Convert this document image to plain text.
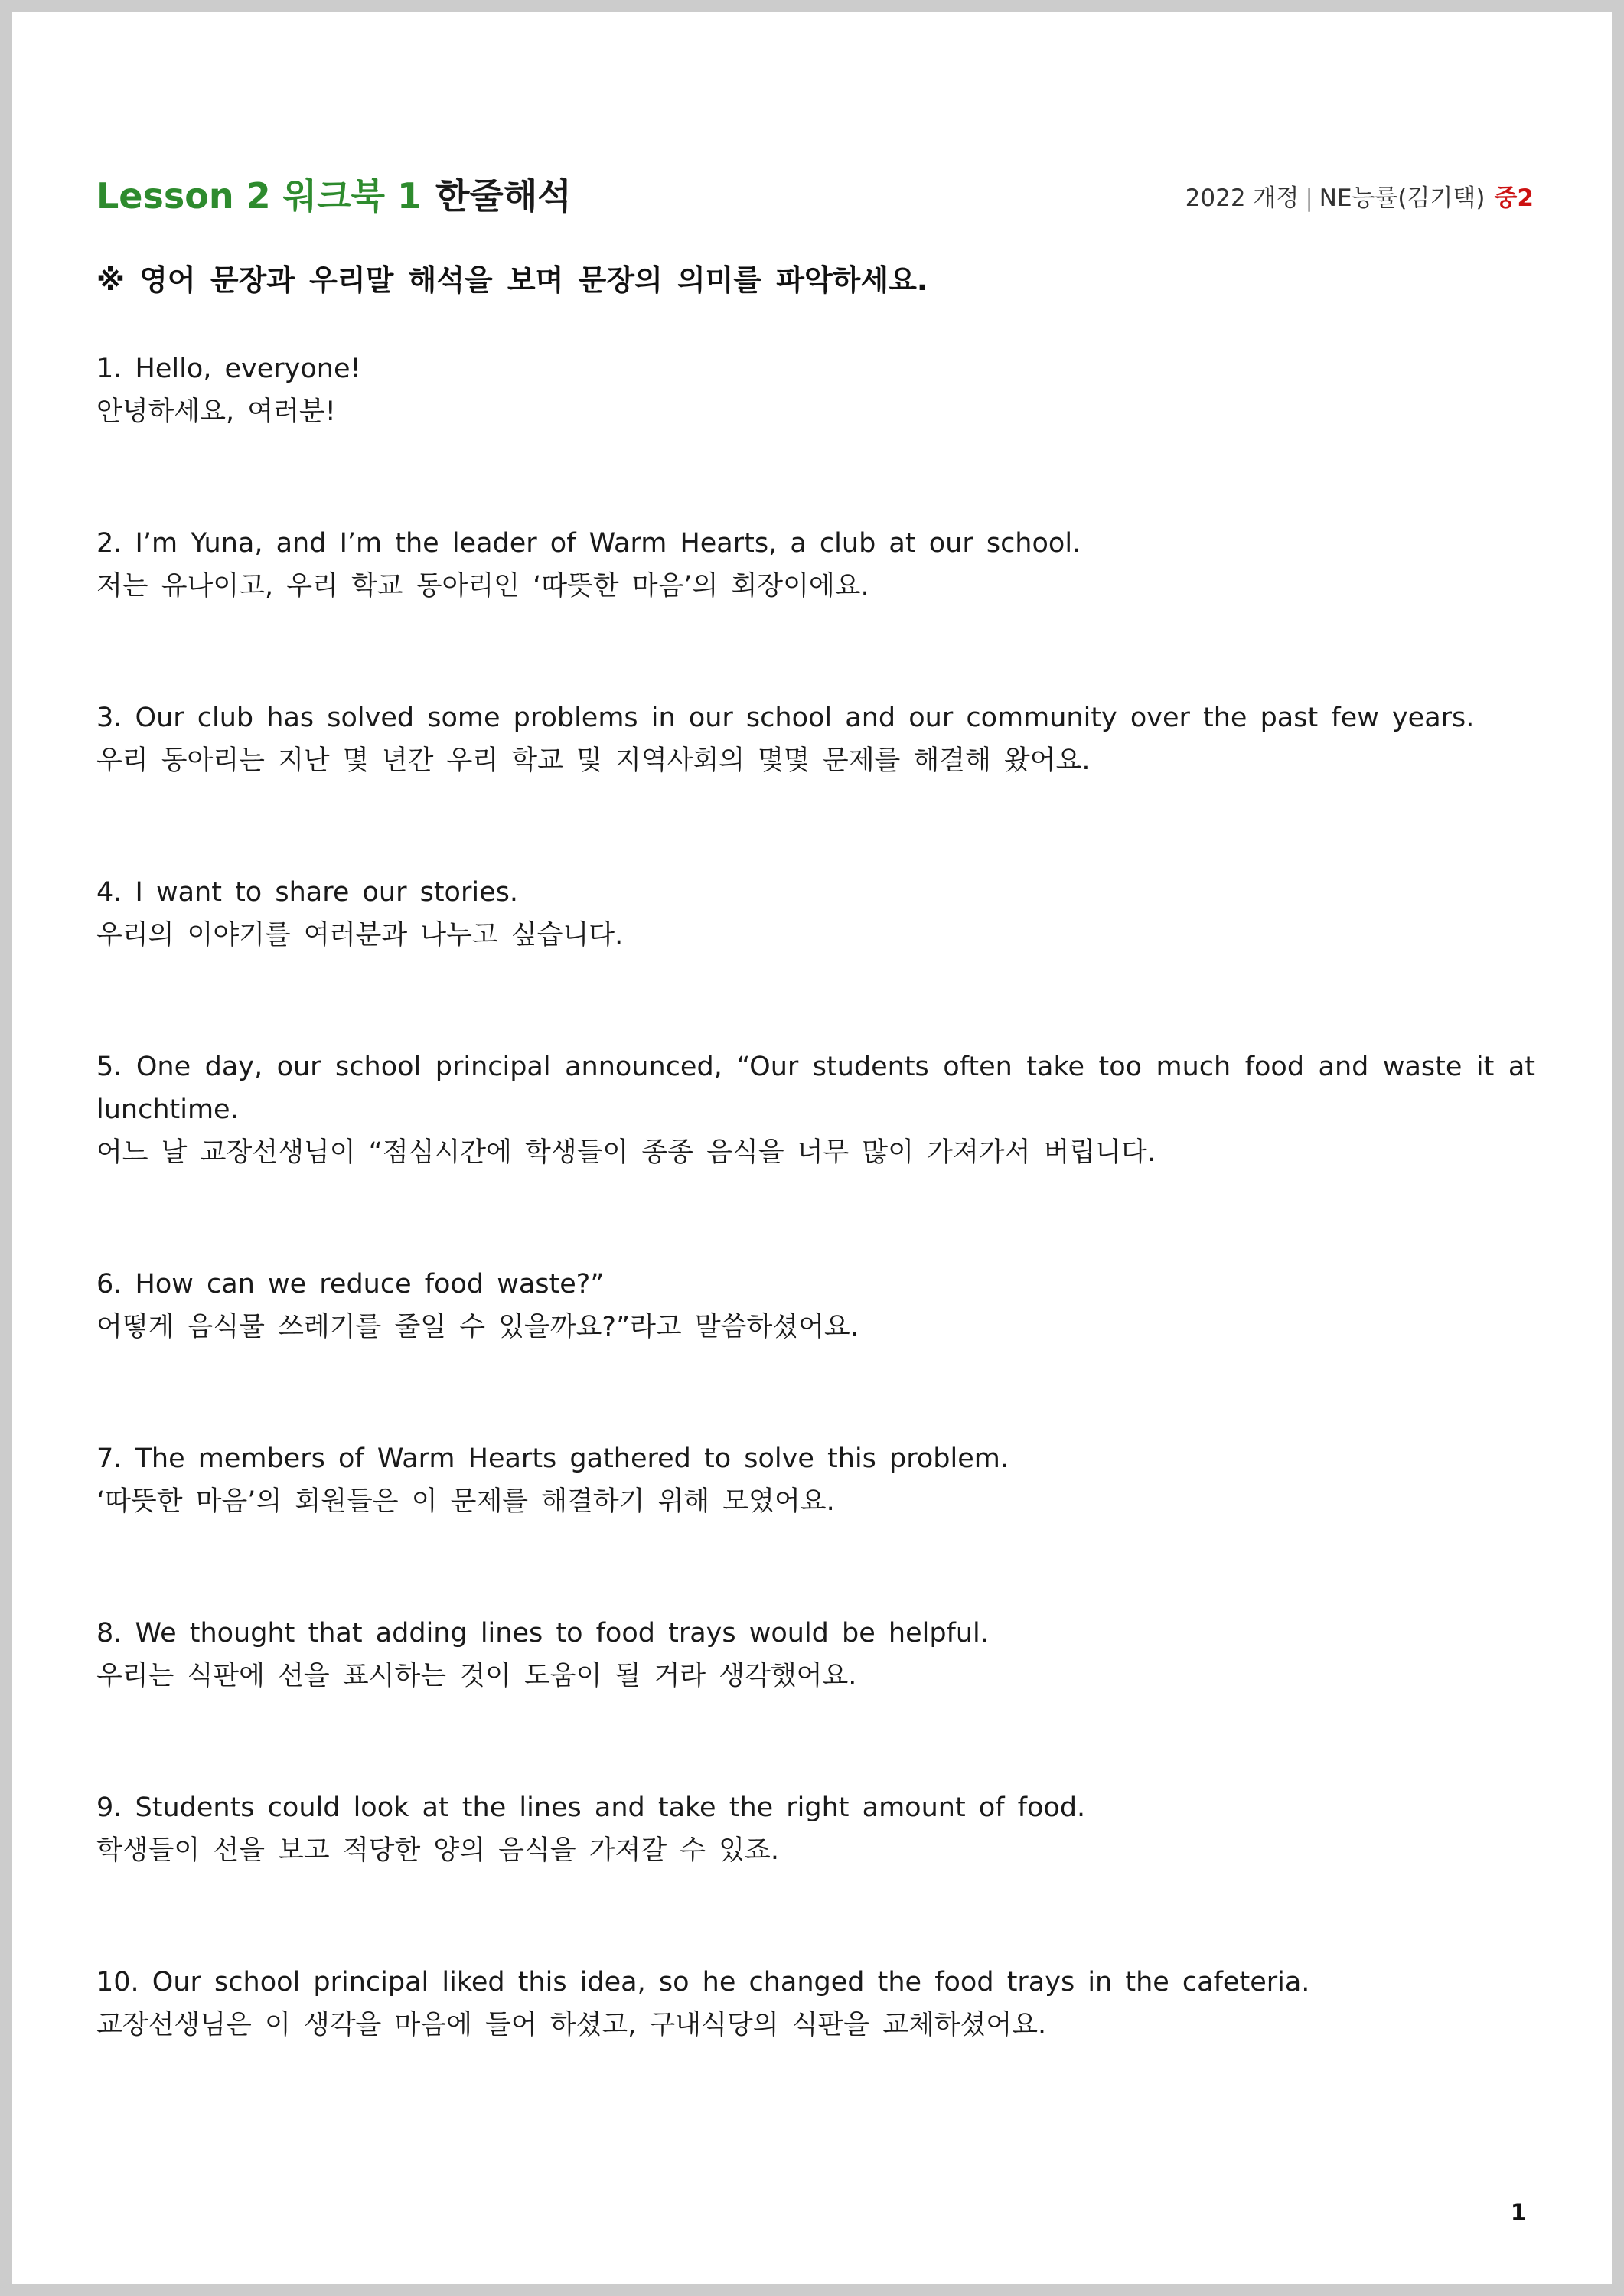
Lesson 2 워크북 1 한줄해석	2022 개정 | NE능률(김기택) 중2
※ 영어 문장과 우리말 해석을 보며 문장의 의미를 파악하세요.
1. Hello, everyone!
안녕하세요, 여러분!
2. I’m Yuna, and I’m the leader of Warm Hearts, a club at our school.
저는 유나이고, 우리 학교 동아리인 ‘따뜻한 마음’의 회장이에요.
3. Our club has solved some problems in our school and our community over the past few years.
우리 동아리는 지난 몇 년간 우리 학교 및 지역사회의 몇몇 문제를 해결해 왔어요.
4. I want to share our stories.
우리의 이야기를 여러분과 나누고 싶습니다.
5. One day, our school principal announced, “Our students often take too much food and waste it at lunchtime.
어느 날 교장선생님이 “점심시간에 학생들이 종종 음식을 너무 많이 가져가서 버립니다.
6. How can we reduce food waste?”
어떻게 음식물 쓰레기를 줄일 수 있을까요?”라고 말씀하셨어요.
7. The members of Warm Hearts gathered to solve this problem.
‘따뜻한 마음’의 회원들은 이 문제를 해결하기 위해 모였어요.
8. We thought that adding lines to food trays would be helpful.
우리는 식판에 선을 표시하는 것이 도움이 될 거라 생각했어요.
9. Students could look at the lines and take the right amount of food.
학생들이 선을 보고 적당한 양의 음식을 가져갈 수 있죠.
10. Our school principal liked this idea, so he changed the food trays in the cafeteria.
교장선생님은 이 생각을 마음에 들어 하셨고, 구내식당의 식판을 교체하셨어요.
1
